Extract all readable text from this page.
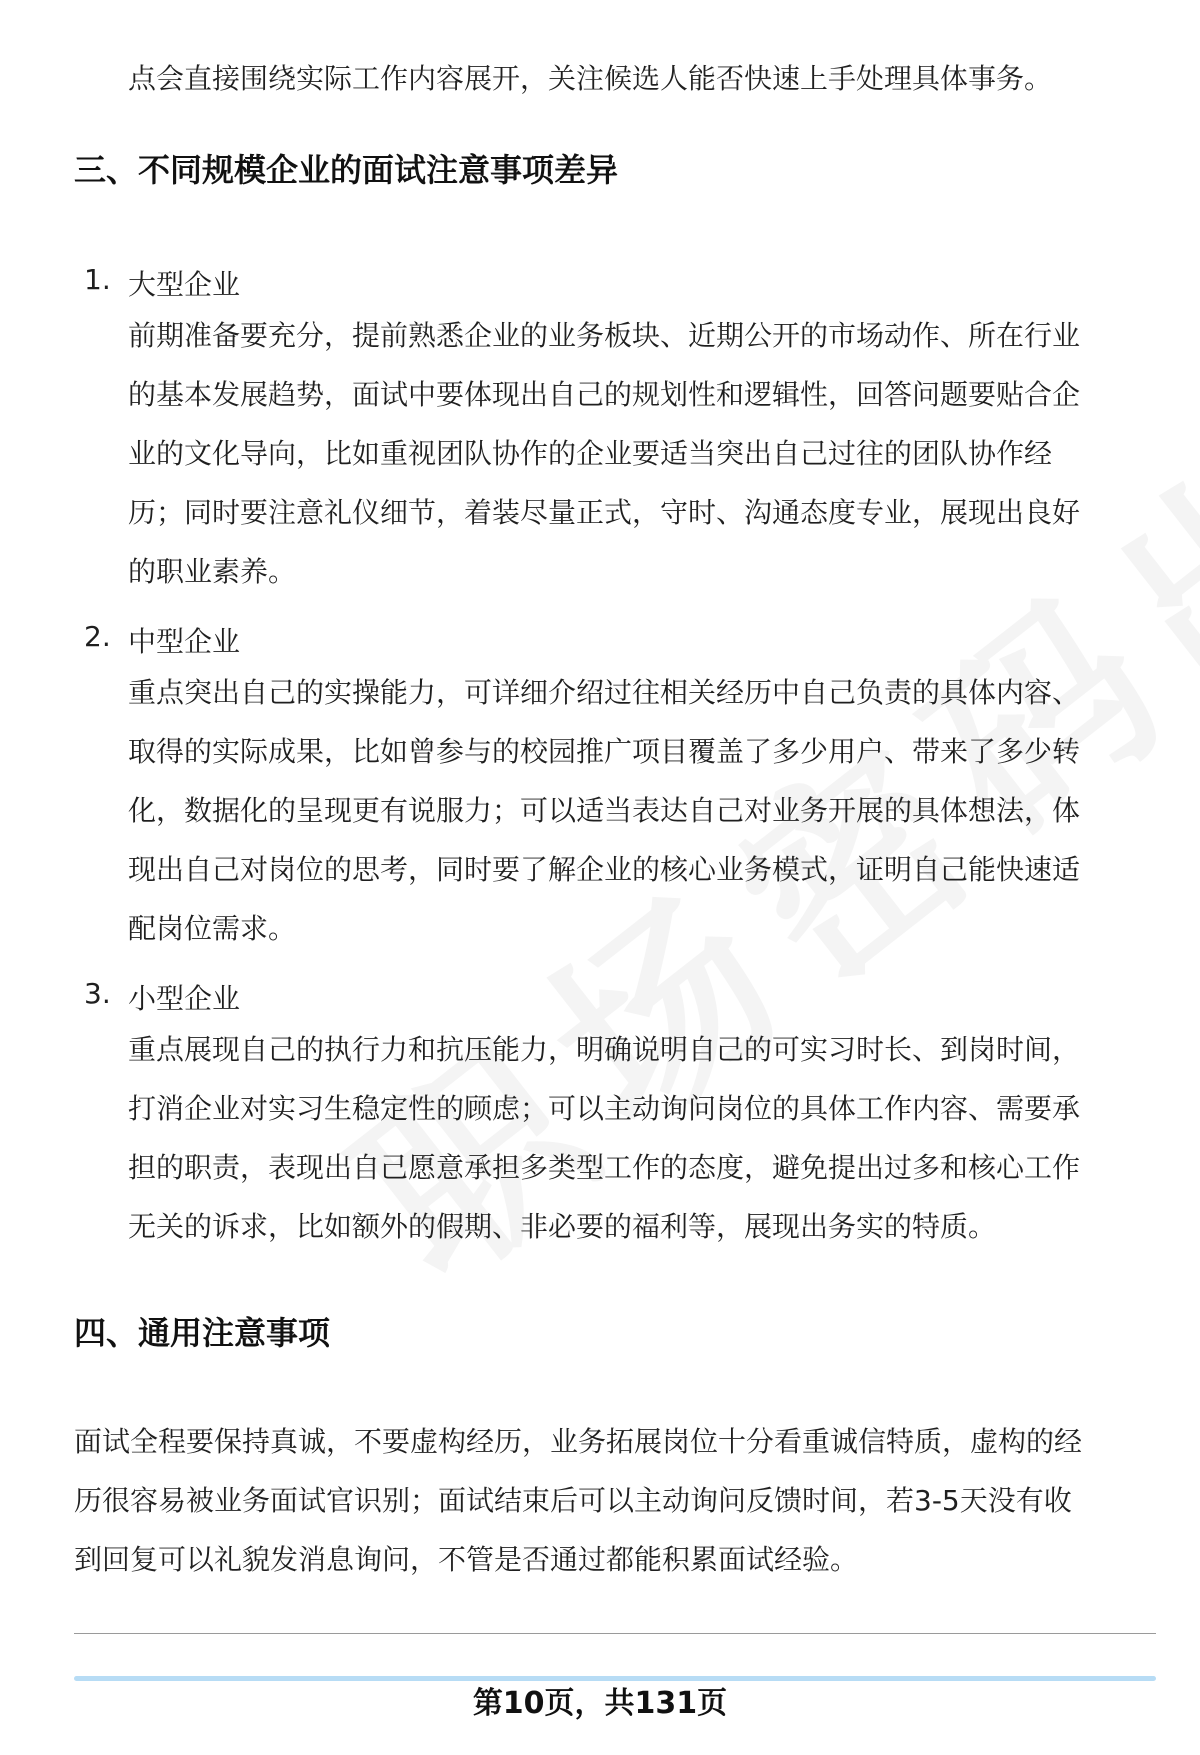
点会直接围绕实际工作内容展开，关注候选人能否快速上手处理具体事务。

三、不同规模企业的面试注意事项差异
1. 大型企业

前期准备要充分，提前熟悉企业的业务板块、近期公开的市场动作、所在行业
的基本发展趋势，面试中要体现出自己的规划性和逻辑性，回答问题要贴合企
业的文化导向，比如重视团队协作的企业要适当突出自己过往的团队协作经
历；同时要注意礼仪细节，着装尽量正式，守时、沟通态度专业，展现出良好
的职业素养。

2. 中型企业

重点突出自己的实操能力，可详细介绍过往相关经历中自己负责的具体内容、
取得的实际成果，比如曾参与的校园推广项目覆盖了多少用户、带来了多少转
化，数据化的呈现更有说服力；可以适当表达自己对业务开展的具体想法，体
现出自己对岗位的思考，同时要了解企业的核心业务模式，证明自己能快速适
配岗位需求。

3. 小型企业

重点展现自己的执行力和抗压能力，明确说明自己的可实习时长、到岗时间，
打消企业对实习生稳定性的顾虑；可以主动询问岗位的具体工作内容、需要承
担的职责，表现出自己愿意承担多类型工作的态度，避免提出过多和核心工作
无关的诉求，比如额外的假期、非必要的福利等，展现出务实的特质。

四、通用注意事项

面试全程要保持真诚，不要虚构经历，业务拓展岗位十分看重诚信特质，虚构的经
历很容易被业务面试官识别；面试结束后可以主动询问反馈时间，若3-5天没有收
到回复可以礼貌发消息询问，不管是否通过都能积累面试经验。

第10页，共131页
